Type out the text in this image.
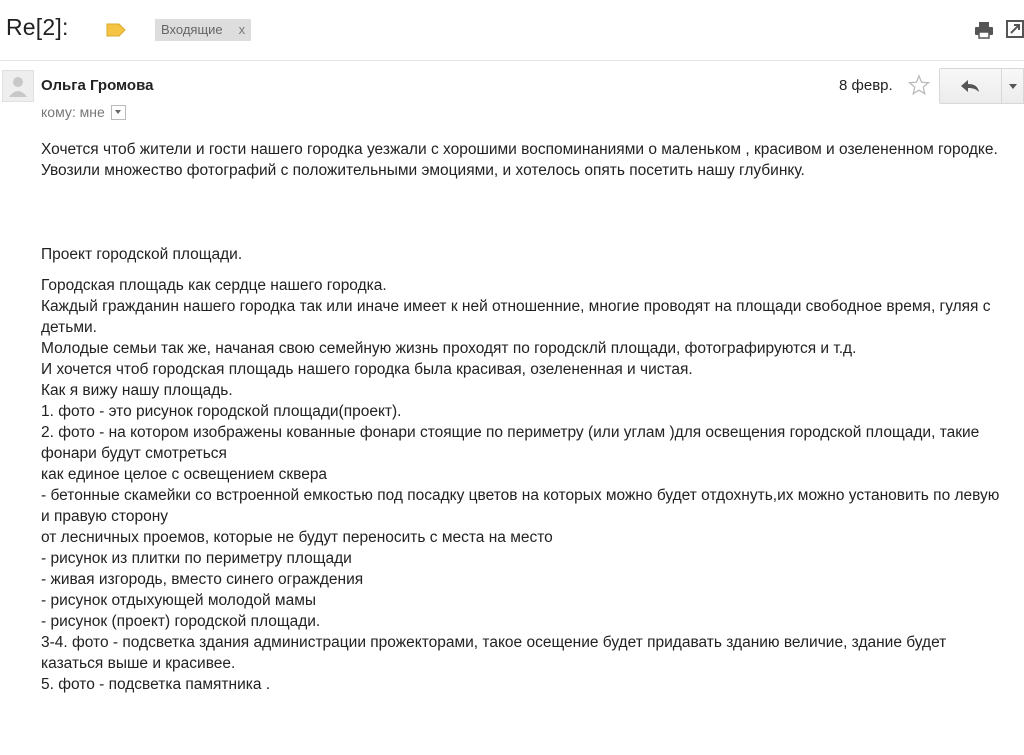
Re[2]:	Входящие x
Ольга Громова
кому: мне
8 февр.

Хочется чтоб жители и гости нашего городка уезжали с хорошими воспоминаниями о маленьком , красивом и озелененном городке. Увозили множество фотографий с положительными эмоциями, и хотелось опять посетить нашу глубинку.

Проект городской площади.

Городская площадь как сердце нашего городка.
Каждый гражданин нашего городка так или иначе имеет к ней отношенние, многие проводят на площади свободное время, гуляя с детьми.
Молодые семьи так же, начаная свою семейную жизнь проходят по городсклй площади, фотографируются и т.д.
И хочется чтоб городская площадь нашего городка была красивая, озелененная и чистая.
Как я вижу нашу площадь.
1. фото - это рисунок городской площади(проект).
2. фото - на котором изображены кованные фонари стоящие по периметру (или углам )для освещения городской площади, такие фонари будут смотреться
как единое целое с освещением сквера
- бетонные скамейки со встроенной емкостью под посадку цветов на которых можно будет отдохнуть,их можно установить по левую и правую сторону
от лесничных проемов, которые не будут переносить с места на место
- рисунок из плитки по периметру площади
- живая изгородь, вместо синего ограждения
- рисунок отдыхующей молодой мамы
- рисунок (проект) городской площади.
3-4. фото - подсветка здания администрации прожекторами, такое осещение будет придавать зданию величие, здание будет казаться выше и красивее.
5. фото - подсветка памятника .
